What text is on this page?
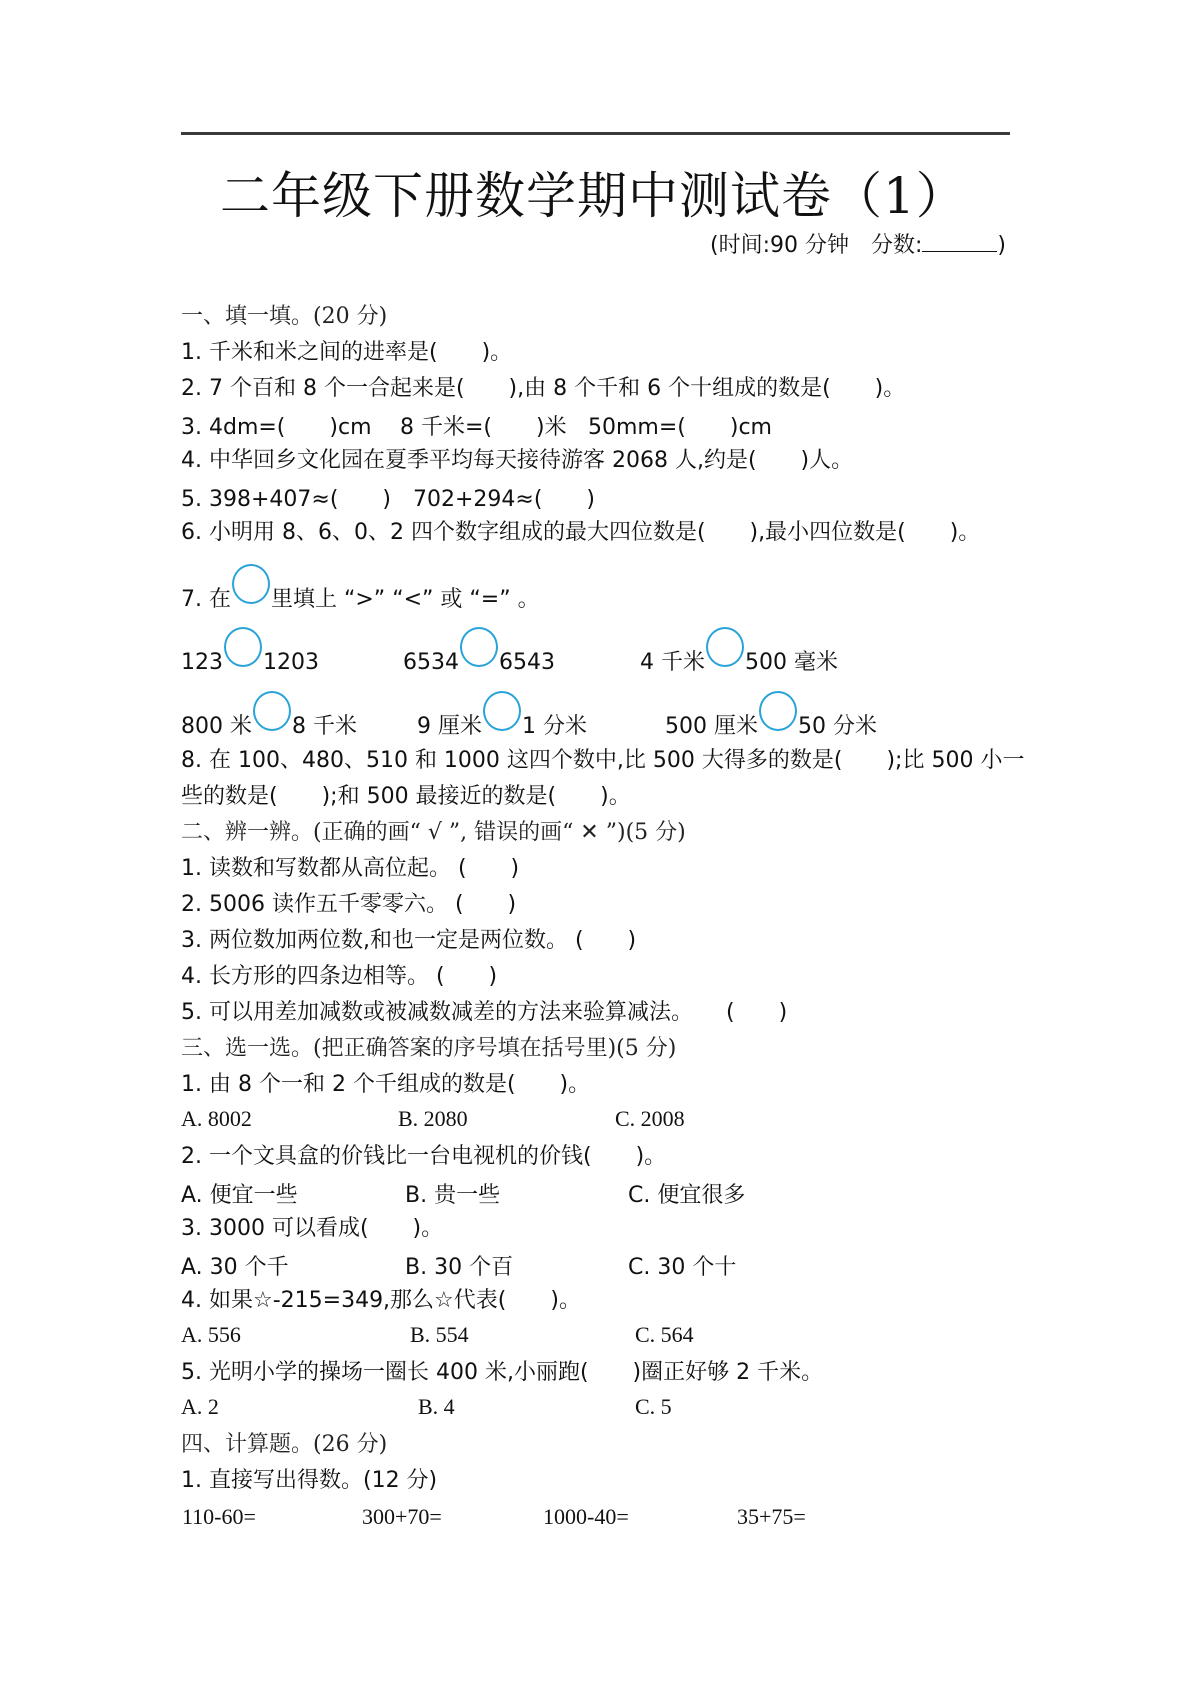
二年级下册数学期中测试卷（1）
(时间:90 分钟　分数:	)
一、填一填。(20 分)
1. 千米和米之间的进率是(　　)。
2. 7 个百和 8 个一合起来是(　　),由 8 个千和 6 个十组成的数是(　　)。
3. 4dm=(　　)cm 8 千米=(　　)米 50mm=(　　)cm
4. 中华回乡文化园在夏季平均每天接待游客 2068 人,约是(　　)人。
5. 398+407≈(　　) 702+294≈(　　)
6. 小明用 8、6、0、2 四个数字组成的最大四位数是(　　),最小四位数是(　　)。
7. 在 里填上 “>” “<” 或 “=” 。
123 1203	6534 6543	4 千米 500 毫米
800 米 8 千米	9 厘米 1 分米	500 厘米 50 分米
8. 在 100、480、510 和 1000 这四个数中,比 500 大得多的数是(　　);比 500 小一
些的数是(　　);和 500 最接近的数是(　　)。
二、辨一辨。(正确的画“ √ ”, 错误的画“ ✕ ”)(5 分)
1. 读数和写数都从高位起。 (　　)
2. 5006 读作五千零零六。 (　　)
3. 两位数加两位数,和也一定是两位数。 (　　)
4. 长方形的四条边相等。 (　　)
5. 可以用差加减数或被减数减差的方法来验算减法。　　(　　)
三、选一选。(把正确答案的序号填在括号里)(5 分)
1. 由 8 个一和 2 个千组成的数是(　　)。
A. 8002	B. 2080	C. 2008
2. 一个文具盒的价钱比一台电视机的价钱(　　)。
A. 便宜一些	B. 贵一些	C. 便宜很多
3. 3000 可以看成(　　)。
A. 30 个千	B. 30 个百	C. 30 个十
4. 如果☆-215=349,那么☆代表(　　)。
A. 556	B. 554	C. 564
5. 光明小学的操场一圈长 400 米,小丽跑(　　)圈正好够 2 千米。
A. 2	B. 4	C. 5
四、计算题。(26 分)
1. 直接写出得数。(12 分)
110-60=	300+70=	1000-40=	35+75=
